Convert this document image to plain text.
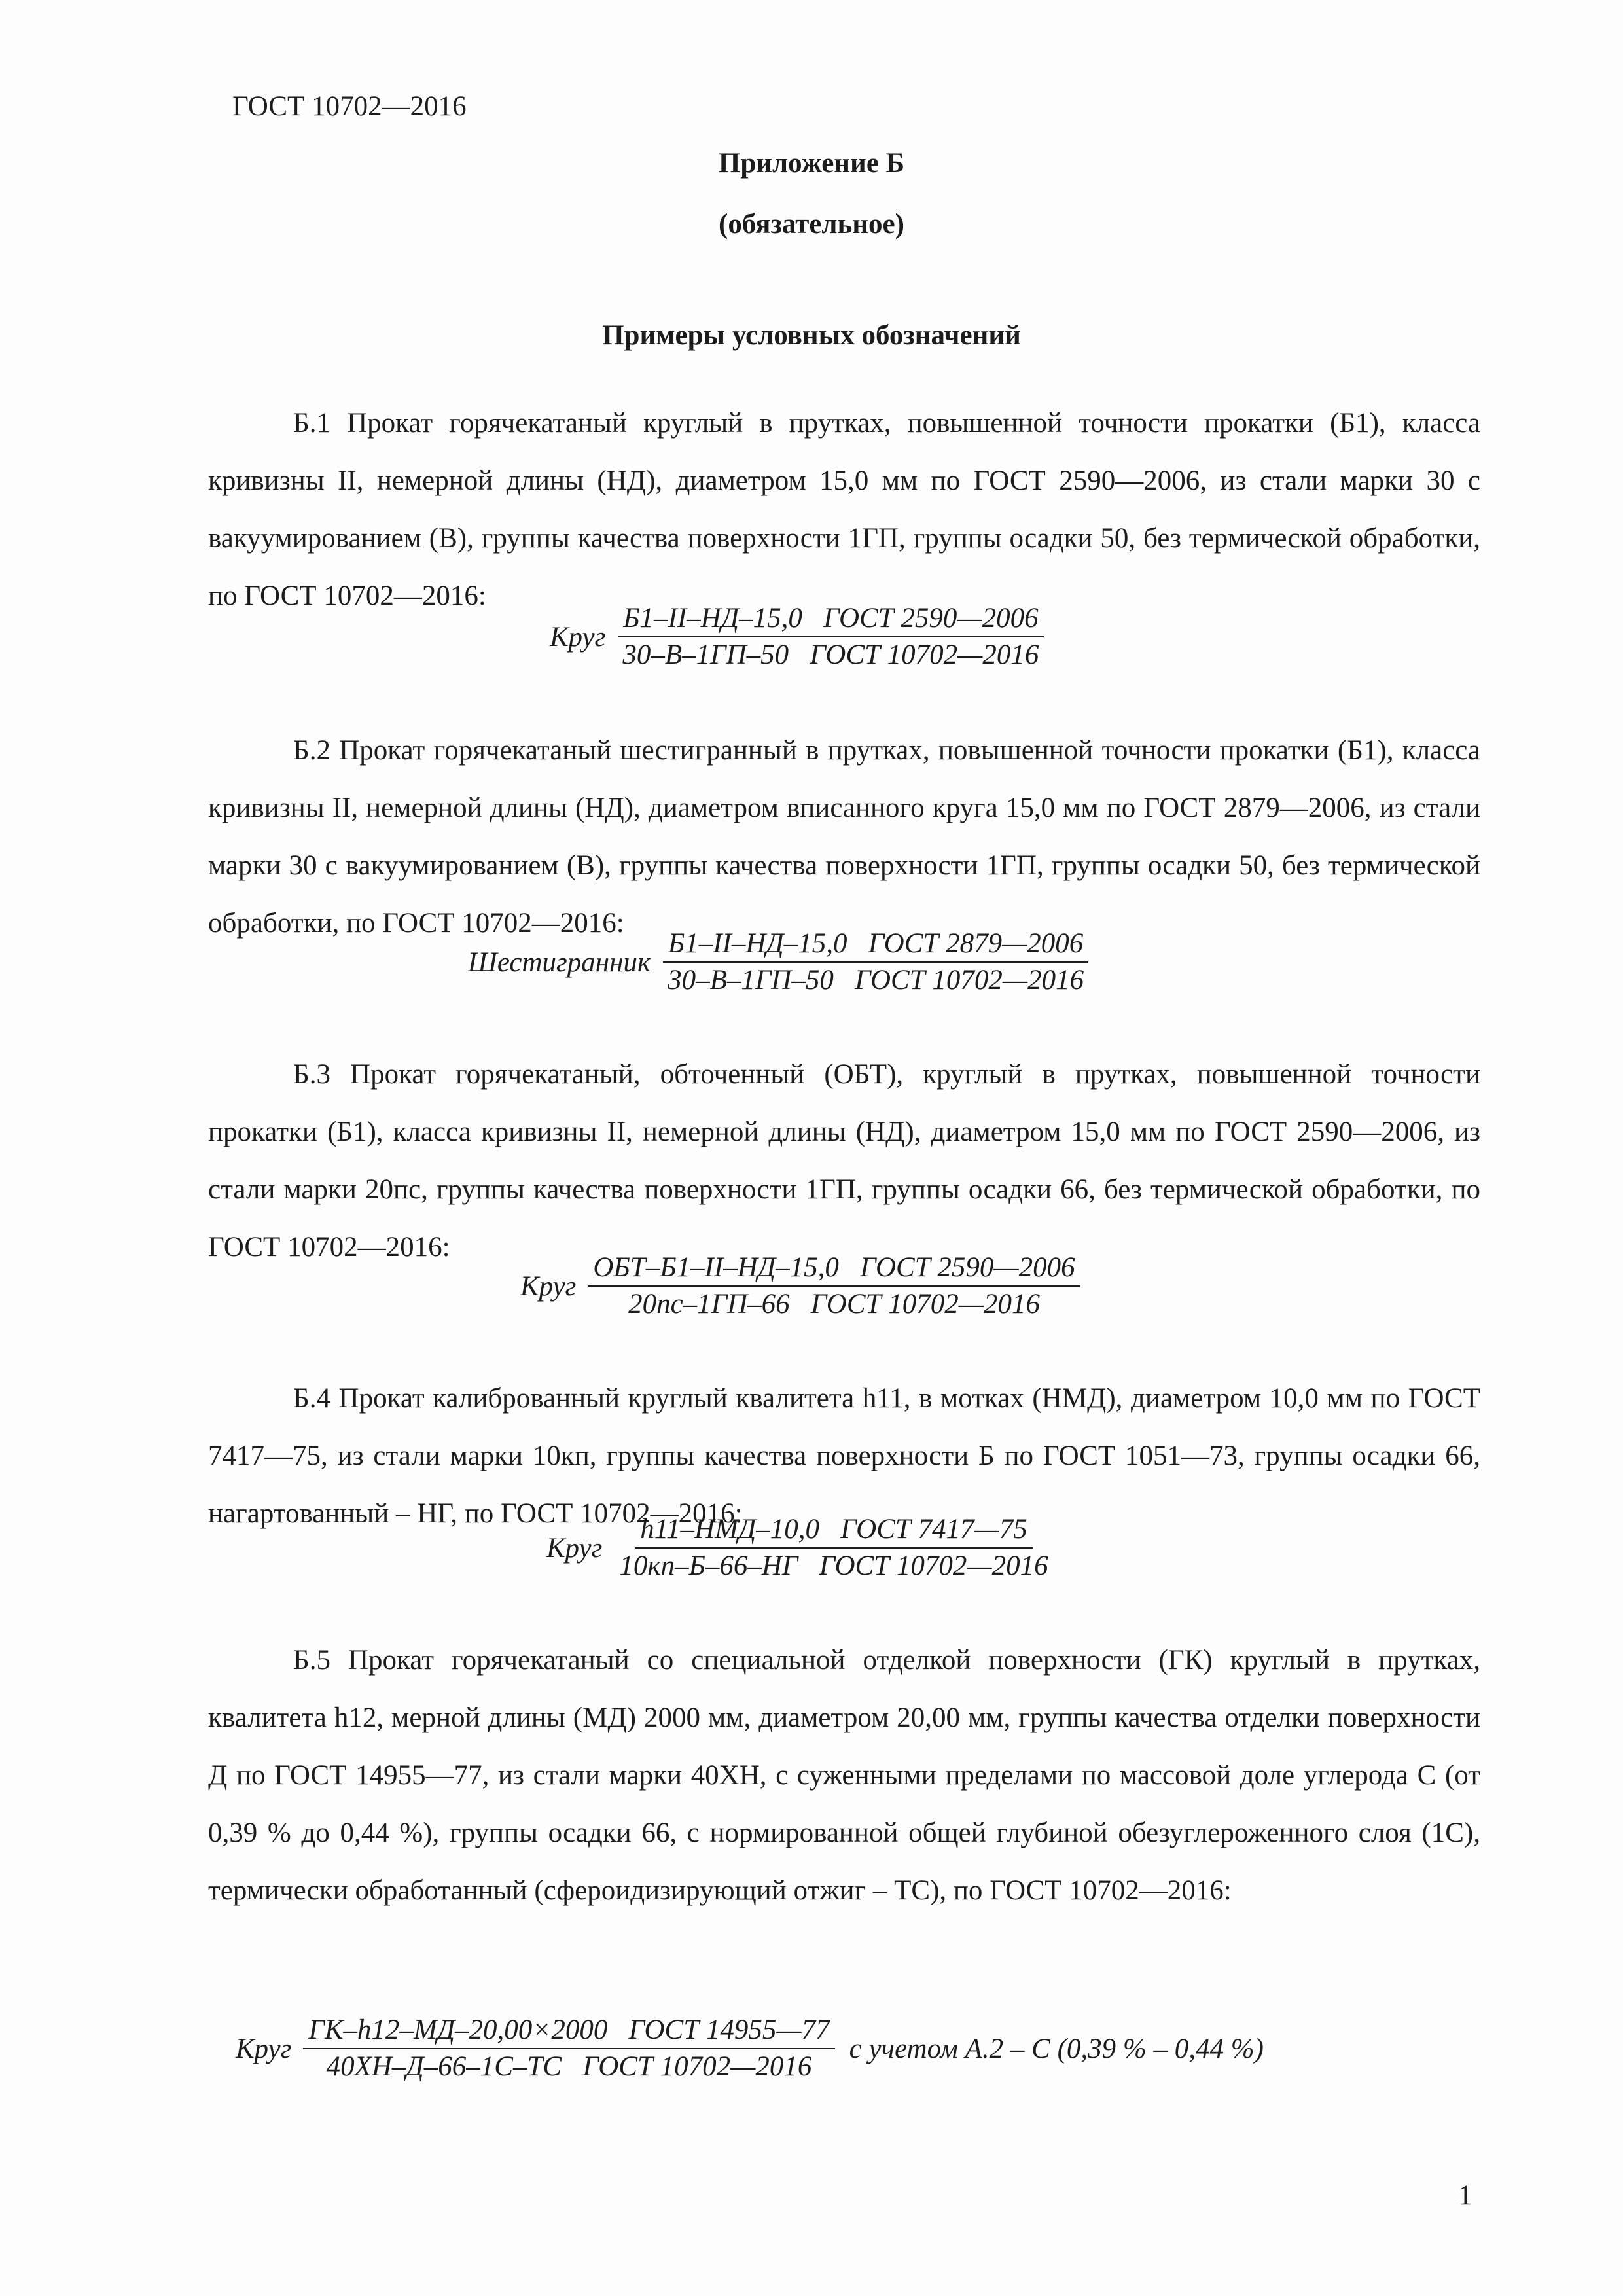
ГОСТ 10702—2016
Приложение Б
(обязательное)
Примеры условных обозначений

Б.1 Прокат горячекатаный круглый в прутках, повышенной точности прокатки (Б1), класса кривизны II, немерной длины (НД), диаметром 15,0 мм по ГОСТ 2590—2006, из стали марки 30 с вакуумированием (В), группы качества поверхности 1ГП, группы осадки 50, без термической обработки, по ГОСТ 10702—2016:

Круг $\frac{\text{Б1–II–НД–15,0   ГОСТ 2590—2006}}{\text{30–В–1ГП–50   ГОСТ 10702—2016}}$

Б.2 Прокат горячекатаный шестигранный в прутках, повышенной точности прокатки (Б1), класса кривизны II, немерной длины (НД), диаметром вписанного круга 15,0 мм по ГОСТ 2879—2006, из стали марки 30 с вакуумированием (В), группы качества поверхности 1ГП, группы осадки 50, без термической обработки, по ГОСТ 10702—2016:

Шестигранник $\frac{\text{Б1–II–НД–15,0   ГОСТ 2879—2006}}{\text{30–В–1ГП–50   ГОСТ 10702—2016}}$

Б.3 Прокат горячекатаный, обточенный (ОБТ), круглый в прутках, повышенной точности прокатки (Б1), класса кривизны II, немерной длины (НД), диаметром 15,0 мм по ГОСТ 2590—2006, из стали марки 20пс, группы качества поверхности 1ГП, группы осадки 66, без термической обработки, по ГОСТ 10702—2016:

Круг $\frac{\text{ОБТ–Б1–II–НД–15,0   ГОСТ 2590—2006}}{\text{20пс–1ГП–66   ГОСТ 10702—2016}}$

Б.4 Прокат калиброванный круглый квалитета h11, в мотках (НМД), диаметром 10,0 мм по ГОСТ 7417—75, из стали марки 10кп, группы качества поверхности Б по ГОСТ 1051—73, группы осадки 66, нагартованный – НГ, по ГОСТ 10702—2016:

Круг $\frac{\text{h11–НМД–10,0   ГОСТ 7417—75}}{\text{10кп–Б–66–НГ   ГОСТ 10702—2016}}$

Б.5 Прокат горячекатаный со специальной отделкой поверхности (ГК) круглый в прутках, квалитета h12, мерной длины (МД) 2000 мм, диаметром 20,00 мм, группы качества отделки поверхности Д по ГОСТ 14955—77, из стали марки 40ХН, с суженными пределами по массовой доле углерода С (от 0,39 % до 0,44 %), группы осадки 66, с нормированной общей глубиной обезуглероженного слоя (1С), термически обработанный (сфероидизирующий отжиг – ТС), по ГОСТ 10702—2016:

Круг $\frac{\text{ГК–h12–МД–20,00×2000   ГОСТ 14955—77}}{\text{40ХН–Д–66–1С–ТС   ГОСТ 10702—2016}}$ с учетом А.2 – С (0,39 % – 0,44 %)
1
